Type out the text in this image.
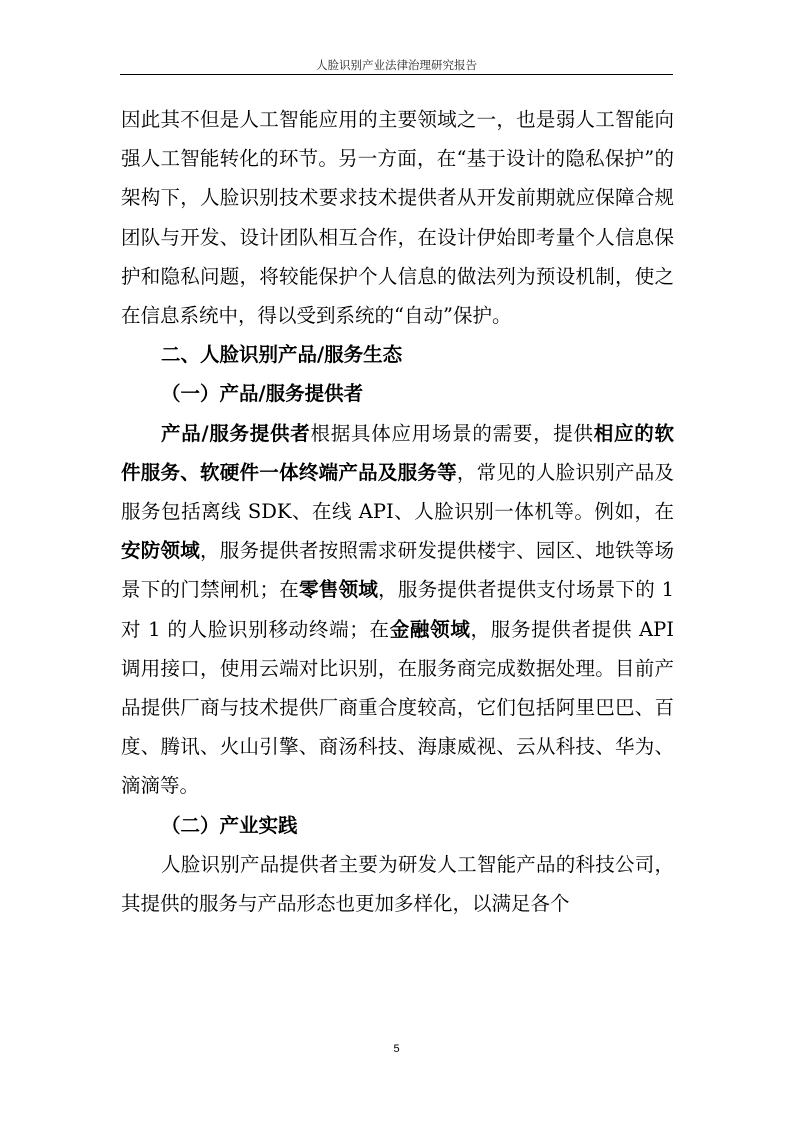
人脸识别产业法律治理研究报告

因此其不但是人工智能应用的主要领域之一，也是弱人工智能向强人工智能转化的环节。另一方面，在“基于设计的隐私保护”的架构下，人脸识别技术要求技术提供者从开发前期就应保障合规团队与开发、设计团队相互合作，在设计伊始即考量个人信息保护和隐私问题，将较能保护个人信息的做法列为预设机制，使之在信息系统中，得以受到系统的“自动”保护。

二、人脸识别产品/服务生态

（一）产品/服务提供者

产品/服务提供者根据具体应用场景的需要，提供相应的软件服务、软硬件一体终端产品及服务等，常见的人脸识别产品及服务包括离线 SDK、在线 API、人脸识别一体机等。例如，在安防领域，服务提供者按照需求研发提供楼宇、园区、地铁等场景下的门禁闸机；在零售领域，服务提供者提供支付场景下的 1 对 1 的人脸识别移动终端；在金融领域，服务提供者提供 API 调用接口，使用云端对比识别，在服务商完成数据处理。目前产品提供厂商与技术提供厂商重合度较高，它们包括阿里巴巴、百度、腾讯、火山引擎、商汤科技、海康威视、云从科技、华为、滴滴等。

（二）产业实践

人脸识别产品提供者主要为研发人工智能产品的科技公司，其提供的服务与产品形态也更加多样化，以满足各个

5
